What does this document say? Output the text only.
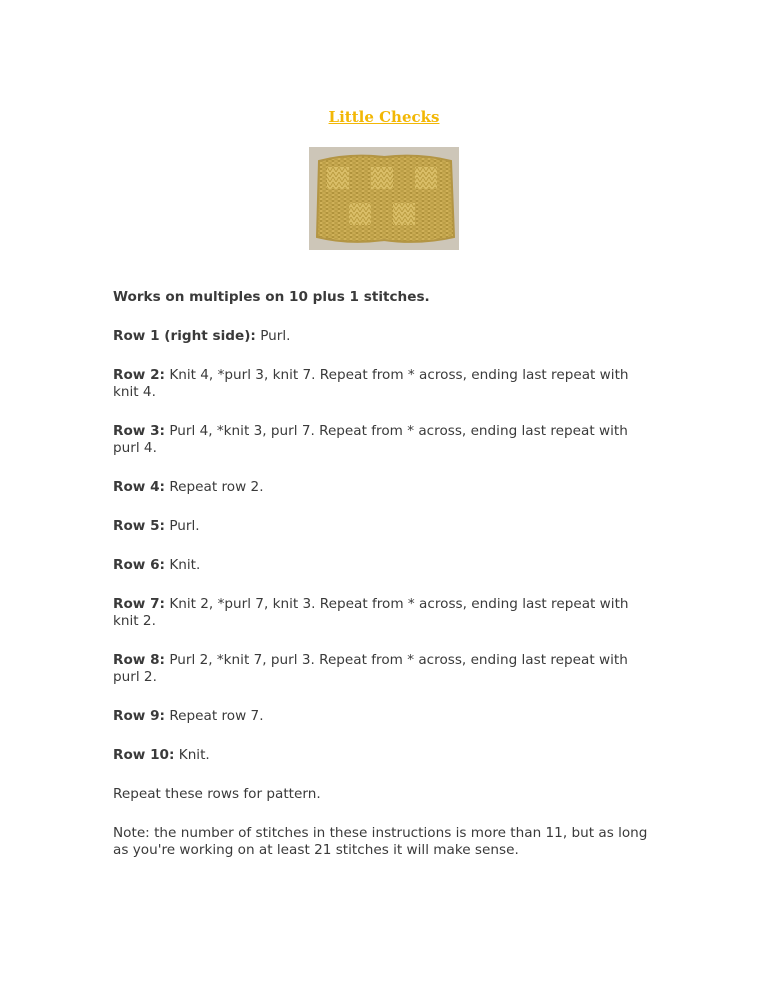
Little Checks

Works on multiples on 10 plus 1 stitches.

Row 1 (right side): Purl.

Row 2: Knit 4, *purl 3, knit 7. Repeat from * across, ending last repeat with knit 4.

Row 3: Purl 4, *knit 3, purl 7. Repeat from * across, ending last repeat with purl 4.

Row 4: Repeat row 2.

Row 5: Purl.

Row 6: Knit.

Row 7: Knit 2, *purl 7, knit 3. Repeat from * across, ending last repeat with knit 2.

Row 8: Purl 2, *knit 7, purl 3. Repeat from * across, ending last repeat with purl 2.

Row 9: Repeat row 7.

Row 10: Knit.

Repeat these rows for pattern.

Note: the number of stitches in these instructions is more than 11, but as long as you're working on at least 21 stitches it will make sense.
